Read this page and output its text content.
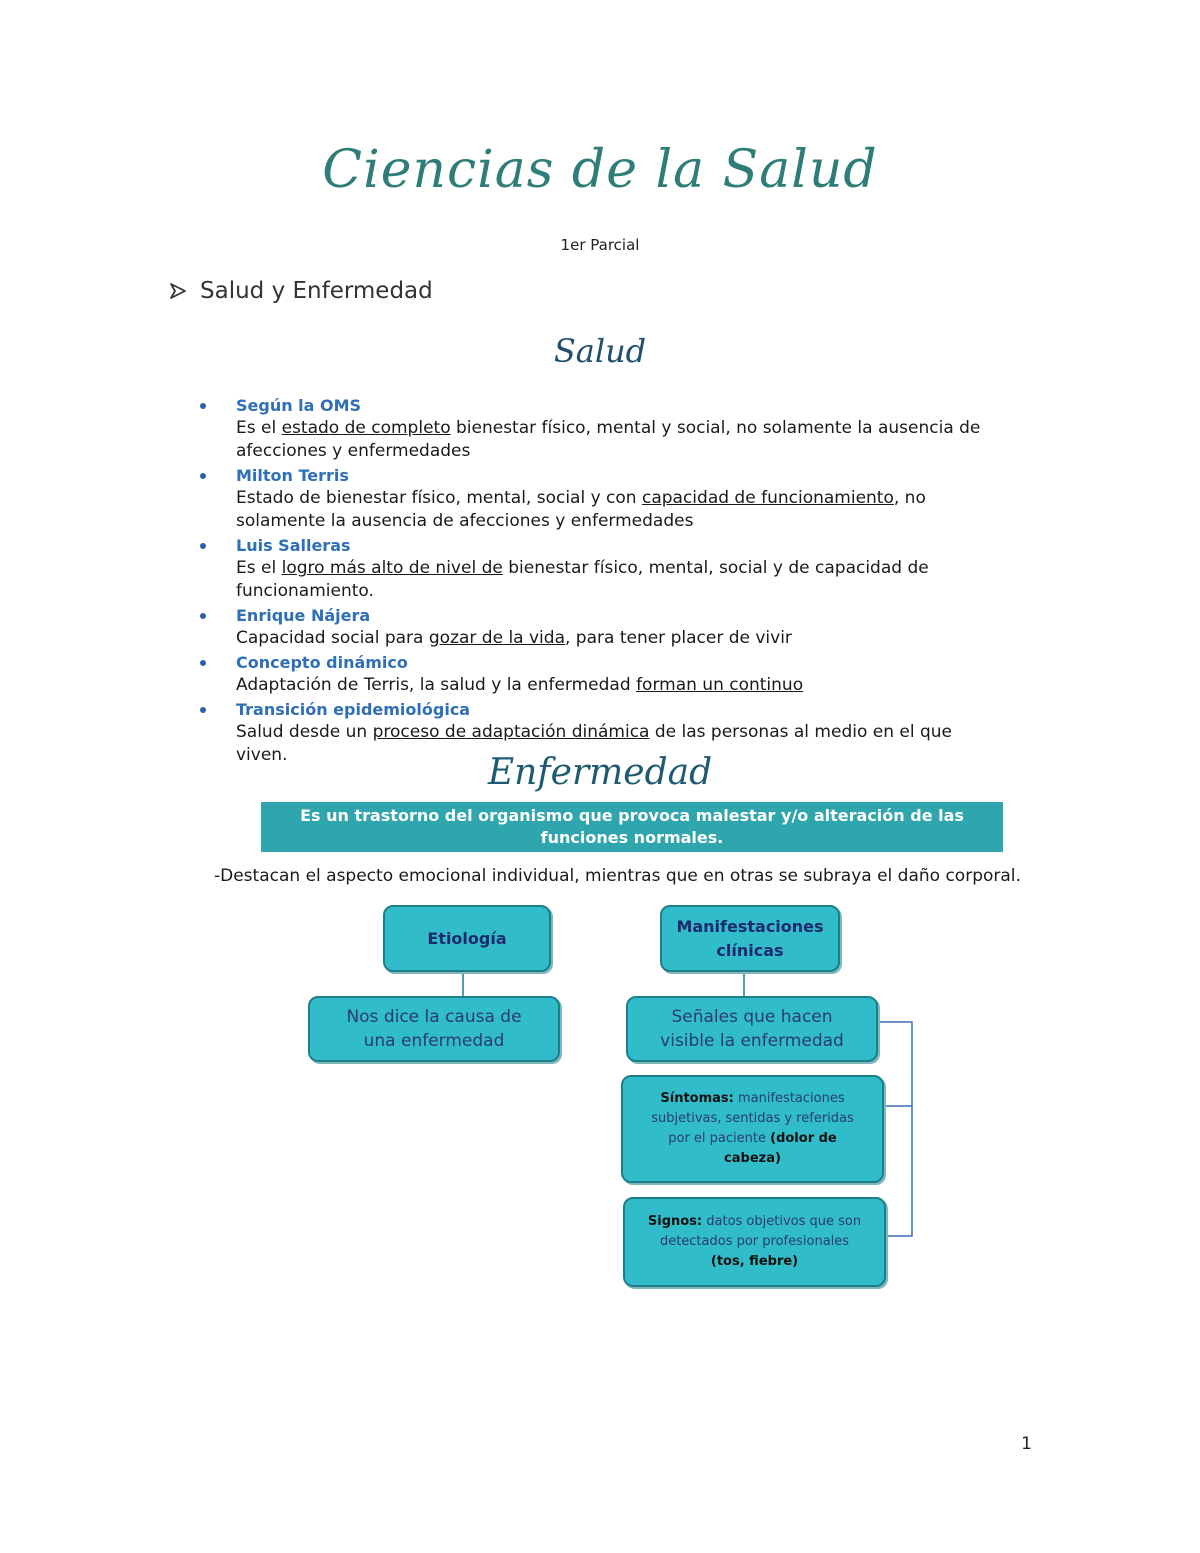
Ciencias de la Salud
1er Parcial
Salud y Enfermedad
Salud
Según la OMS
Es el estado de completo bienestar físico, mental y social, no solamente la ausencia de afecciones y enfermedades
Milton Terris
Estado de bienestar físico, mental, social y con capacidad de funcionamiento, no solamente la ausencia de afecciones y enfermedades
Luis Salleras
Es el logro más alto de nivel de bienestar físico, mental, social y de capacidad de funcionamiento.
Enrique Nájera
Capacidad social para gozar de la vida, para tener placer de vivir
Concepto dinámico
Adaptación de Terris, la salud y la enfermedad forman un continuo
Transición epidemiológica
Salud desde un proceso de adaptación dinámica de las personas al medio en el que viven.	Enfermedad
Es un trastorno del organismo que provoca malestar y/o alteración de las funciones normales.
-Destacan el aspecto emocional individual, mientras que en otras se subraya el daño corporal.
Etiología
Manifestaciones clínicas
Nos dice la causa de una enfermedad
Señales que hacen visible la enfermedad
Síntomas: manifestaciones subjetivas, sentidas y referidas por el paciente (dolor de cabeza)
Signos: datos objetivos que son detectados por profesionales (tos, fiebre)
1
